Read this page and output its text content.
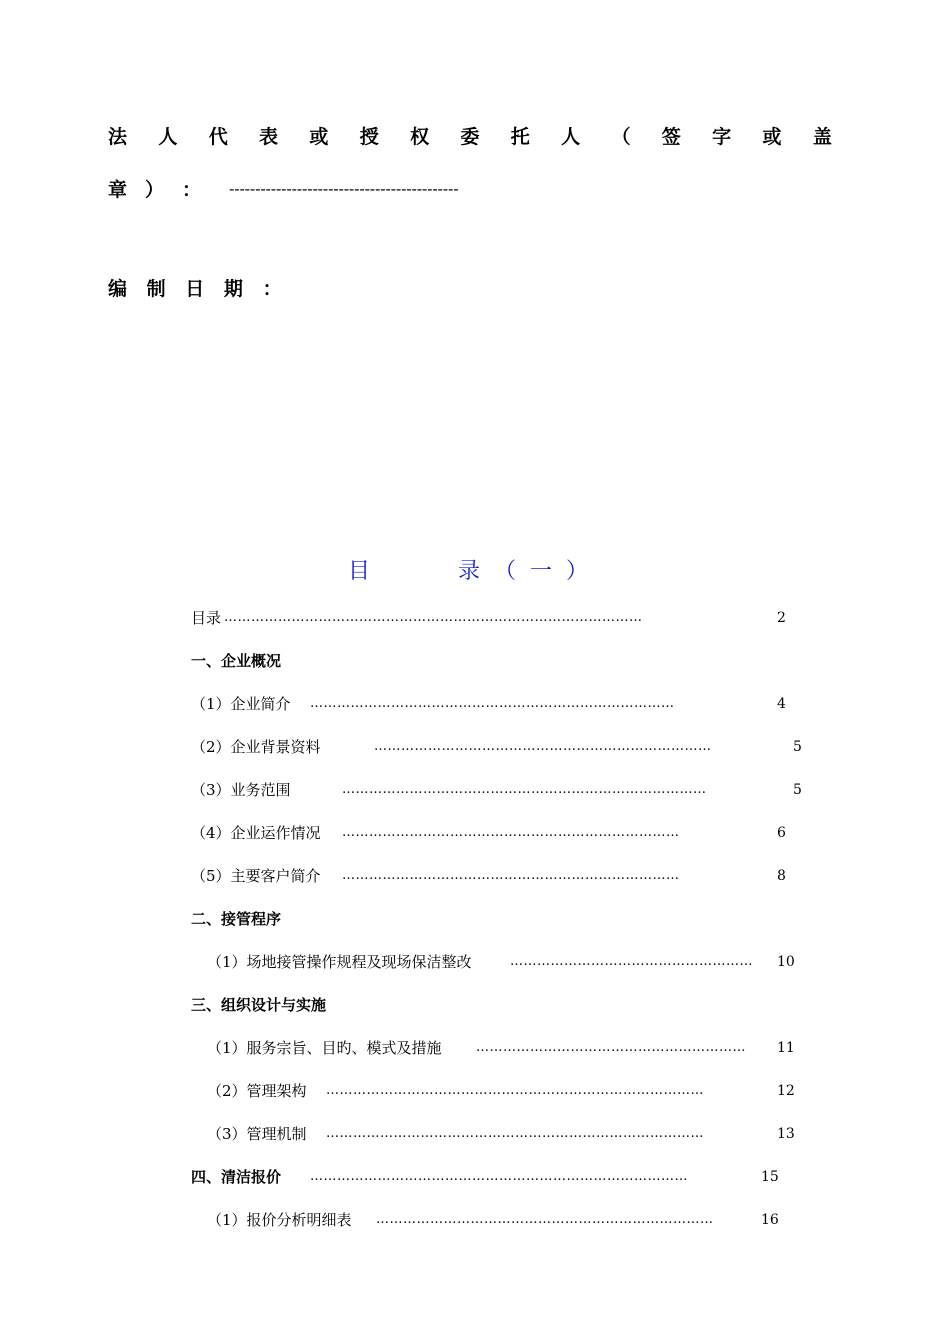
法 人 代 表 或 授 权 委 托 人 （ 签 字 或 盖
章 ） ： --------------------------------------------
编 制 日 期 ：
目	录（一）
目录 …………………………………………………………………………………	2
一、企业概况
（1）企业简介 ………………………………………………………………………	4
（2）企业背景资料	…………………………………………………………………	5
（3）业务范围	………………………………………………………………………	5
（4）企业运作情况 …………………………………………………………………	6
（5）主要客户简介 …………………………………………………………………	8
二、接管程序
（1）场地接管操作规程及现场保洁整改	………………………………………………	10
三、组织设计与实施
（1）服务宗旨、目旳、模式及措施	……………………………………………………	11
（2）管理架构 …………………………………………………………………………	12
（3）管理机制 …………………………………………………………………………	13
四、清洁报价 …………………………………………………………………………	15
（1）报价分析明细表 …………………………………………………………………	16
